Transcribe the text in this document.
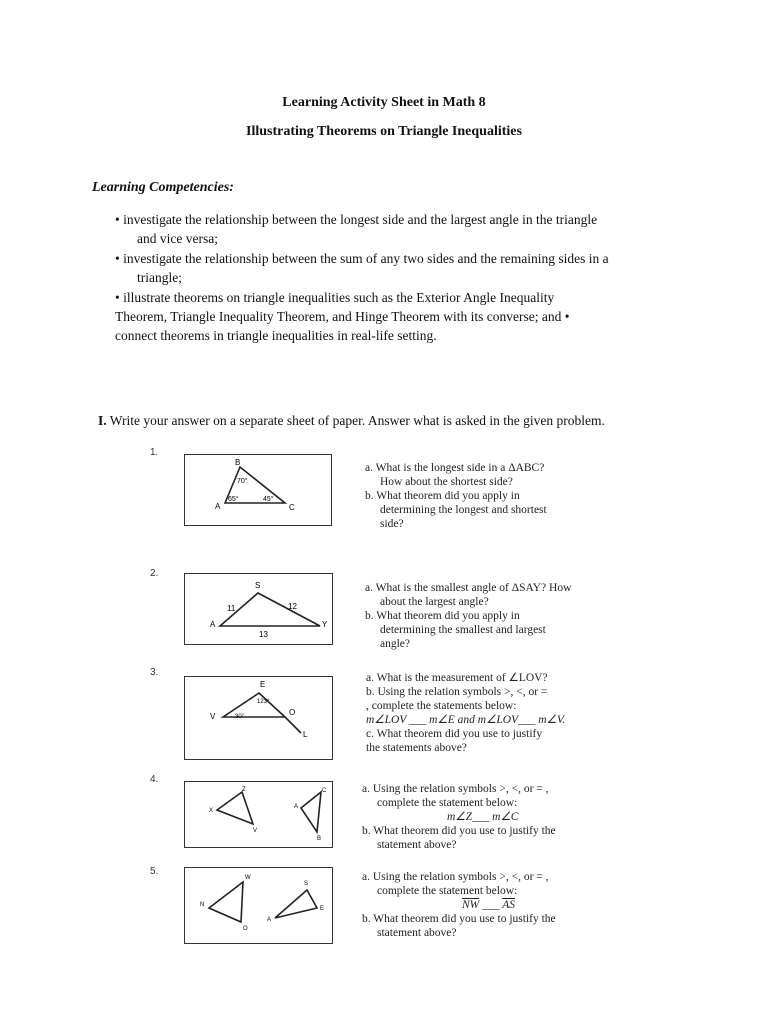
Learning Activity Sheet in Math 8
Illustrating Theorems on Triangle Inequalities
Learning Competencies:
• investigate the relationship between the longest side and the largest angle in the triangle
and vice versa;
• investigate the relationship between the sum of any two sides and the remaining sides in a
triangle;
• illustrate theorems on triangle inequalities such as the Exterior Angle Inequality
Theorem, Triangle Inequality Theorem, and Hinge Theorem with its converse; and •
connect theorems in triangle inequalities in real-life setting.
I. Write your answer on a separate sheet of paper. Answer what is asked in the given problem.
1.
B
A	C
70°
65°	45°
a. What is the longest side in a ΔABC?
How about the shortest side?
b. What theorem did you apply in
determining the longest and shortest
side?
2.
S
A	Y
11	12
13
a. What is the smallest angle of ΔSAY? How
about the largest angle?
b. What theorem did you apply in
determining the smallest and largest
angle?
3.
E
V	O
L
123°
30°
a. What is the measurement of ∠LOV?
b. Using the relation symbols >, <, or =
, complete the statements below:
m∠LOV ___ m∠E and m∠LOV___ m∠V.
c. What theorem did you use to justify
the statements above?
4.
Z
X
V
C
A
B
a. Using the relation symbols >, <, or = ,
complete the statement below:
m∠Z___ m∠C
b. What theorem did you use to justify the
statement above?
5.
W
N
O
S
A
E
a. Using the relation symbols >, <, or = ,
complete the statement below:
$\overline{NW}$ ___ $\overline{AS}$
b. What theorem did you use to justify the
statement above?
